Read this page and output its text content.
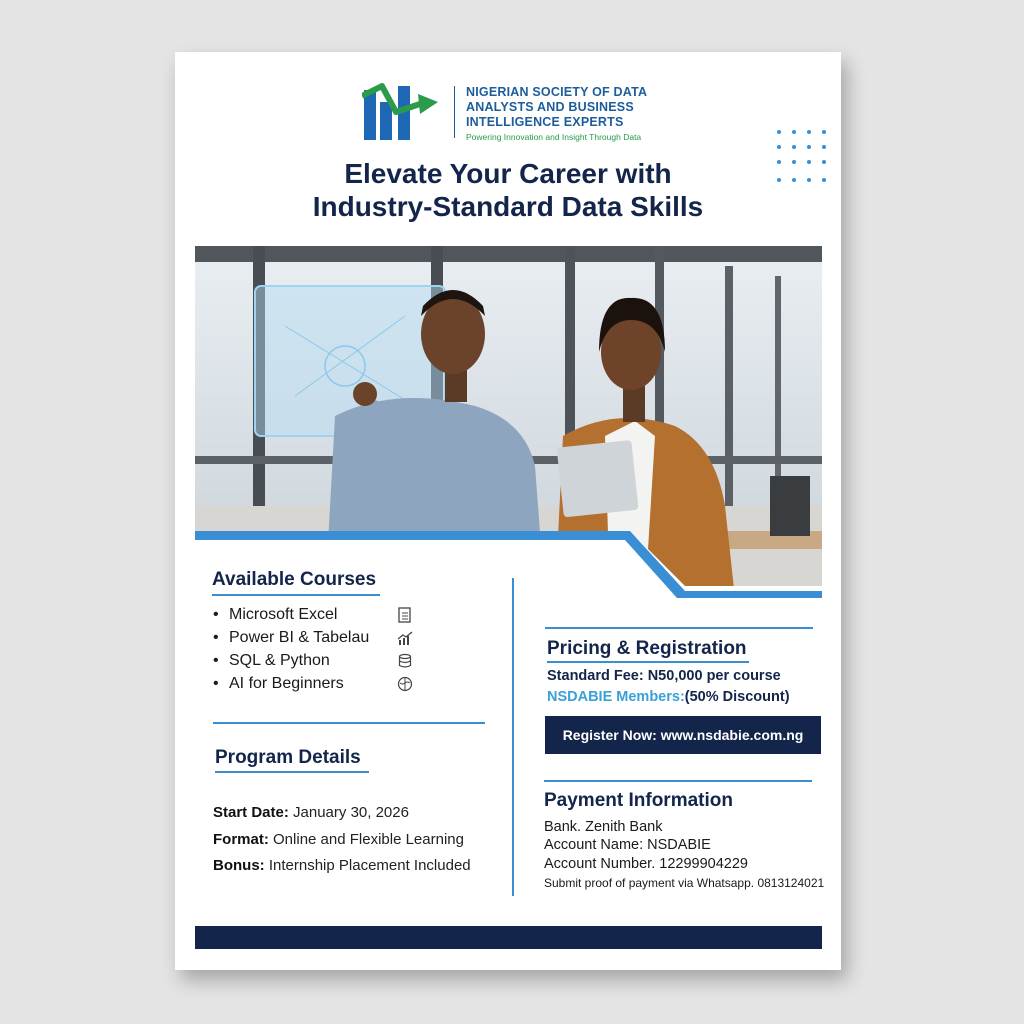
NIGERIAN SOCIETY OF DATA ANALYSTS AND BUSINESS INTELLIGENCE EXPERTS
Powering Innovation and Insight Through Data
Elevate Your Career with
Industry-Standard Data Skills
Available Courses
• Microsoft Excel
• Power BI & Tabelau
• SQL & Python
• AI for Beginners
Program Details
Start Date: January 30, 2026
Format: Online and Flexible Learning
Bonus: Internship Placement Included
Pricing & Registration
Standard Fee: N50,000 per course
NSDABIE Members:(50% Discount)
Register Now: www.nsdabie.com.ng
Payment Information
Bank. Zenith Bank
Account Name: NSDABIE
Account Number. 12299904229
Submit proof of payment via Whatsapp. 0813124021
